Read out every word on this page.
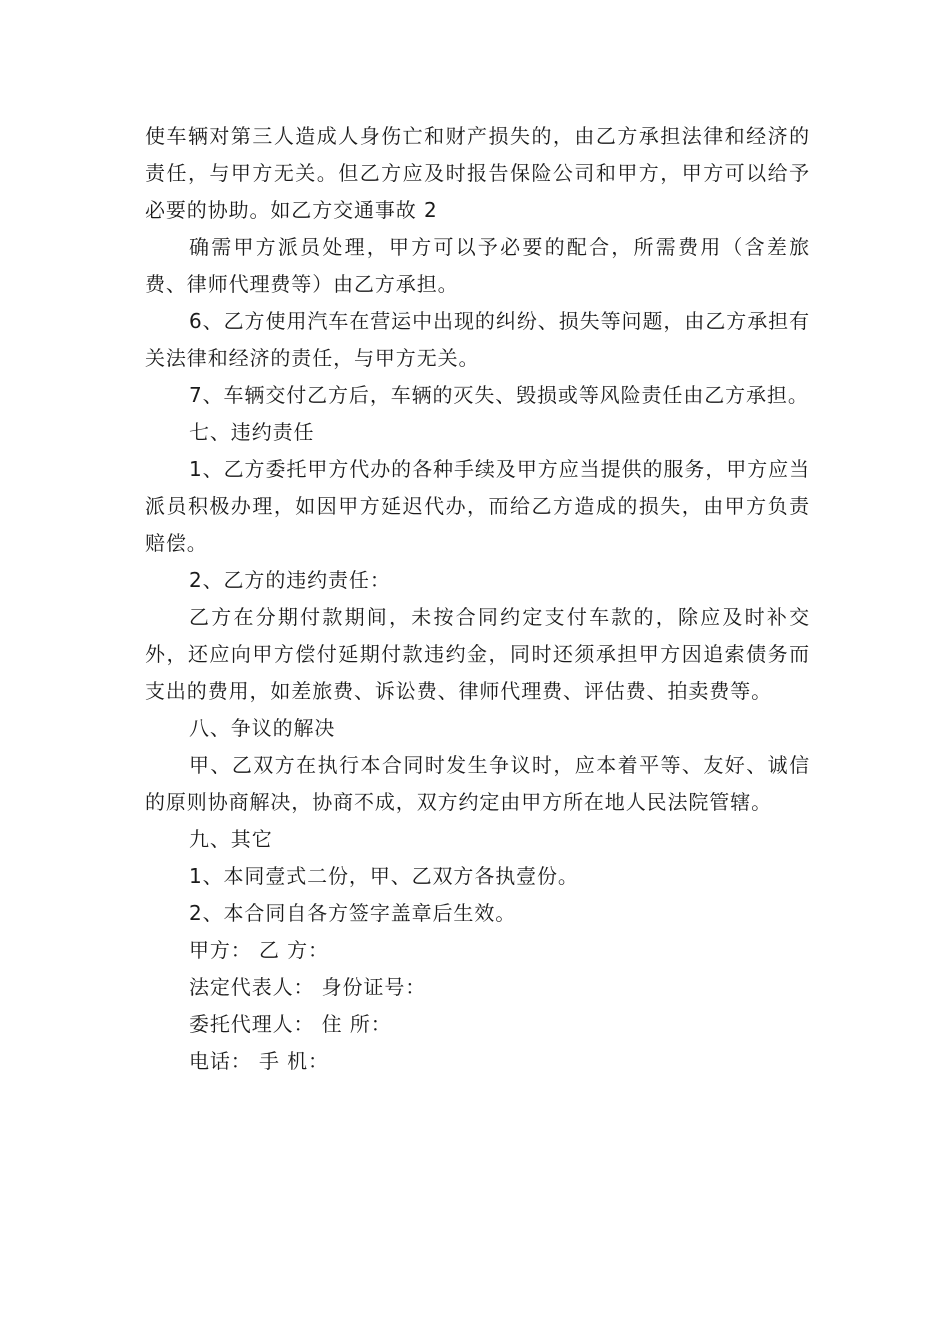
使车辆对第三人造成人身伤亡和财产损失的，由乙方承担法律和经济的责任，与甲方无关。但乙方应及时报告保险公司和甲方，甲方可以给予必要的协助。如乙方交通事故 2

确需甲方派员处理，甲方可以予必要的配合，所需费用（含差旅费、律师代理费等）由乙方承担。

6、乙方使用汽车在营运中出现的纠纷、损失等问题，由乙方承担有关法律和经济的责任，与甲方无关。

7、车辆交付乙方后，车辆的灭失、毁损或等风险责任由乙方承担。

七、违约责任

1、乙方委托甲方代办的各种手续及甲方应当提供的服务，甲方应当派员积极办理，如因甲方延迟代办，而给乙方造成的损失，由甲方负责赔偿。

2、乙方的违约责任：

乙方在分期付款期间，未按合同约定支付车款的，除应及时补交外，还应向甲方偿付延期付款违约金，同时还须承担甲方因追索债务而支出的费用，如差旅费、诉讼费、律师代理费、评估费、拍卖费等。

八、争议的解决

甲、乙双方在执行本合同时发生争议时，应本着平等、友好、诚信的原则协商解决，协商不成，双方约定由甲方所在地人民法院管辖。

九、其它

1、本同壹式二份，甲、乙双方各执壹份。

2、本合同自各方签字盖章后生效。

甲方： 乙 方：

法定代表人： 身份证号：

委托代理人： 住 所：

电话： 手 机：
